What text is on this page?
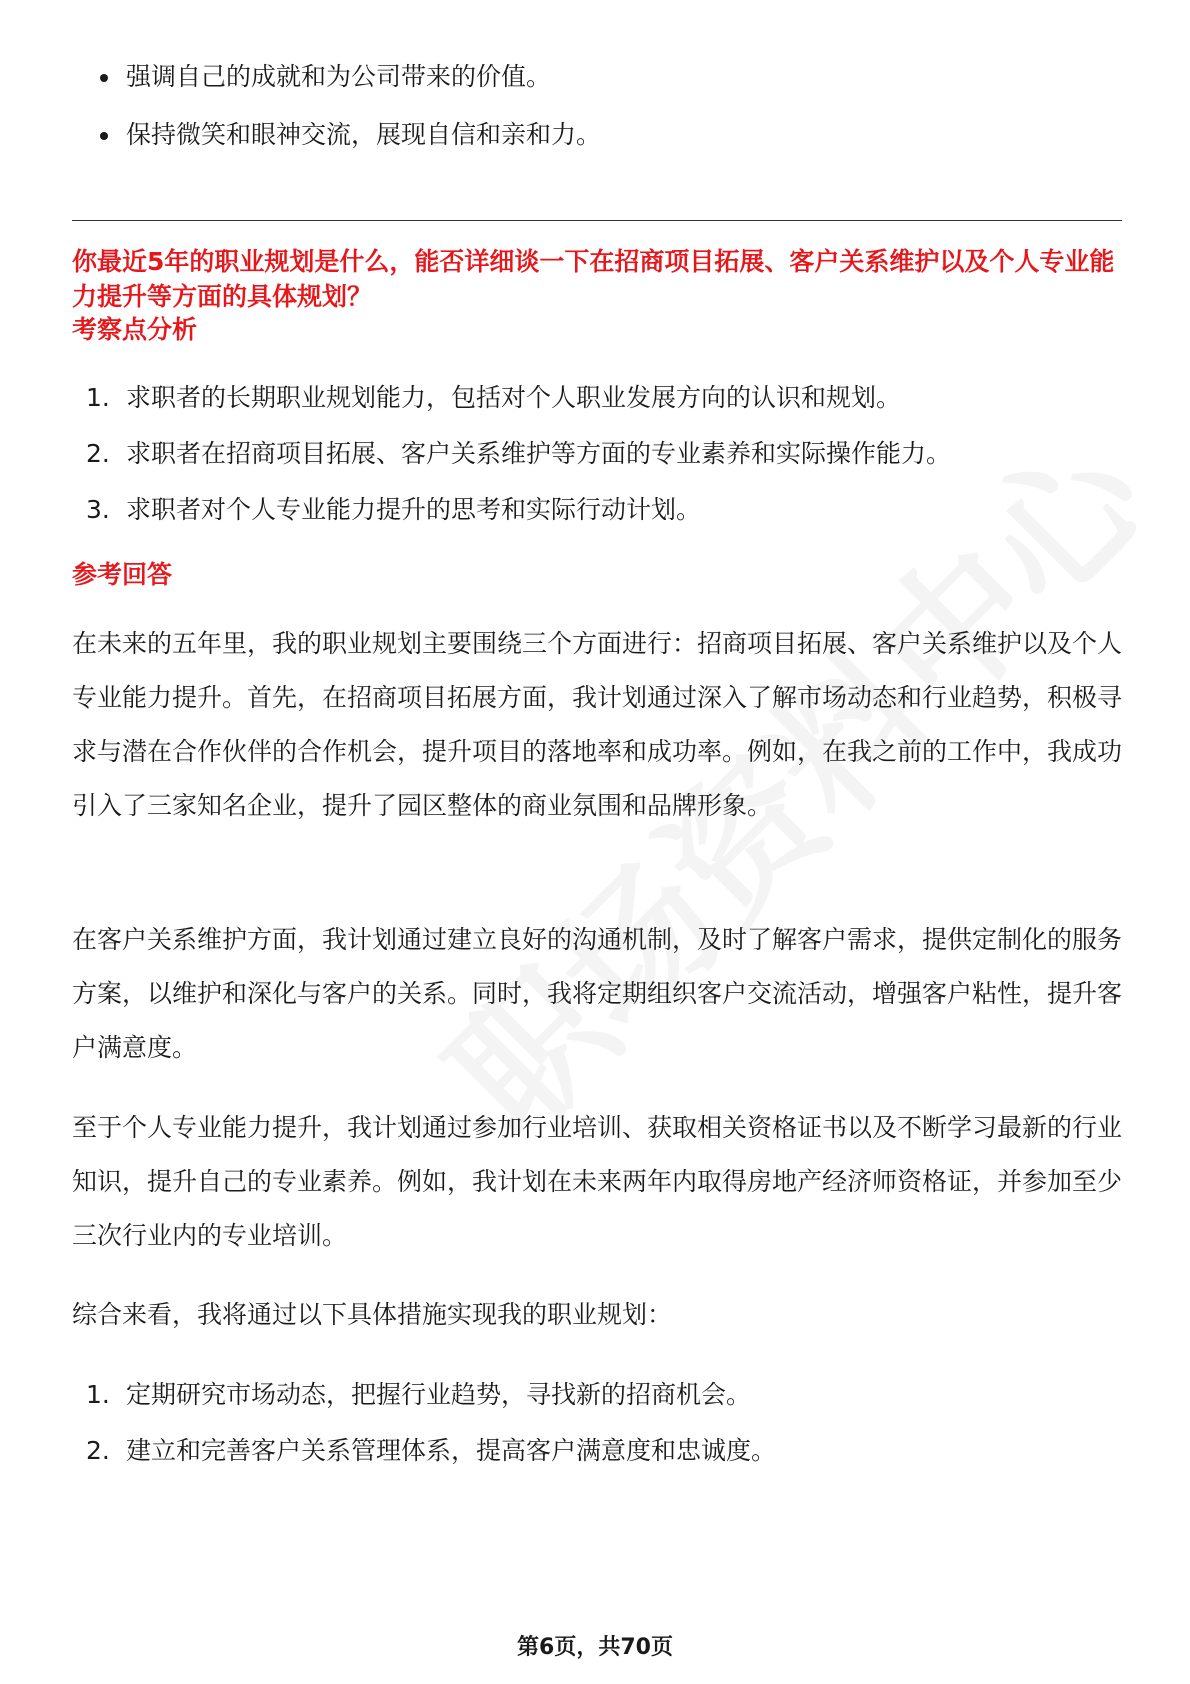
强调自己的成就和为公司带来的价值。
保持微笑和眼神交流，展现自信和亲和力。

你最近5年的职业规划是什么，能否详细谈一下在招商项目拓展、客户关系维护以及个人专业能力提升等方面的具体规划？

考察点分析
1. 求职者的长期职业规划能力，包括对个人职业发展方向的认识和规划。
2. 求职者在招商项目拓展、客户关系维护等方面的专业素养和实际操作能力。
3. 求职者对个人专业能力提升的思考和实际行动计划。
参考回答

在未来的五年里，我的职业规划主要围绕三个方面进行：招商项目拓展、客户关系维护以及个人专业能力提升。首先，在招商项目拓展方面，我计划通过深入了解市场动态和行业趋势，积极寻求与潜在合作伙伴的合作机会，提升项目的落地率和成功率。例如，在我之前的工作中，我成功引入了三家知名企业，提升了园区整体的商业氛围和品牌形象。

在客户关系维护方面，我计划通过建立良好的沟通机制，及时了解客户需求，提供定制化的服务方案，以维护和深化与客户的关系。同时，我将定期组织客户交流活动，增强客户粘性，提升客户满意度。

至于个人专业能力提升，我计划通过参加行业培训、获取相关资格证书以及不断学习最新的行业知识，提升自己的专业素养。例如，我计划在未来两年内取得房地产经济师资格证，并参加至少三次行业内的专业培训。

综合来看，我将通过以下具体措施实现我的职业规划：

1. 定期研究市场动态，把握行业趋势，寻找新的招商机会。
2. 建立和完善客户关系管理体系，提高客户满意度和忠诚度。
第6页，共70页
